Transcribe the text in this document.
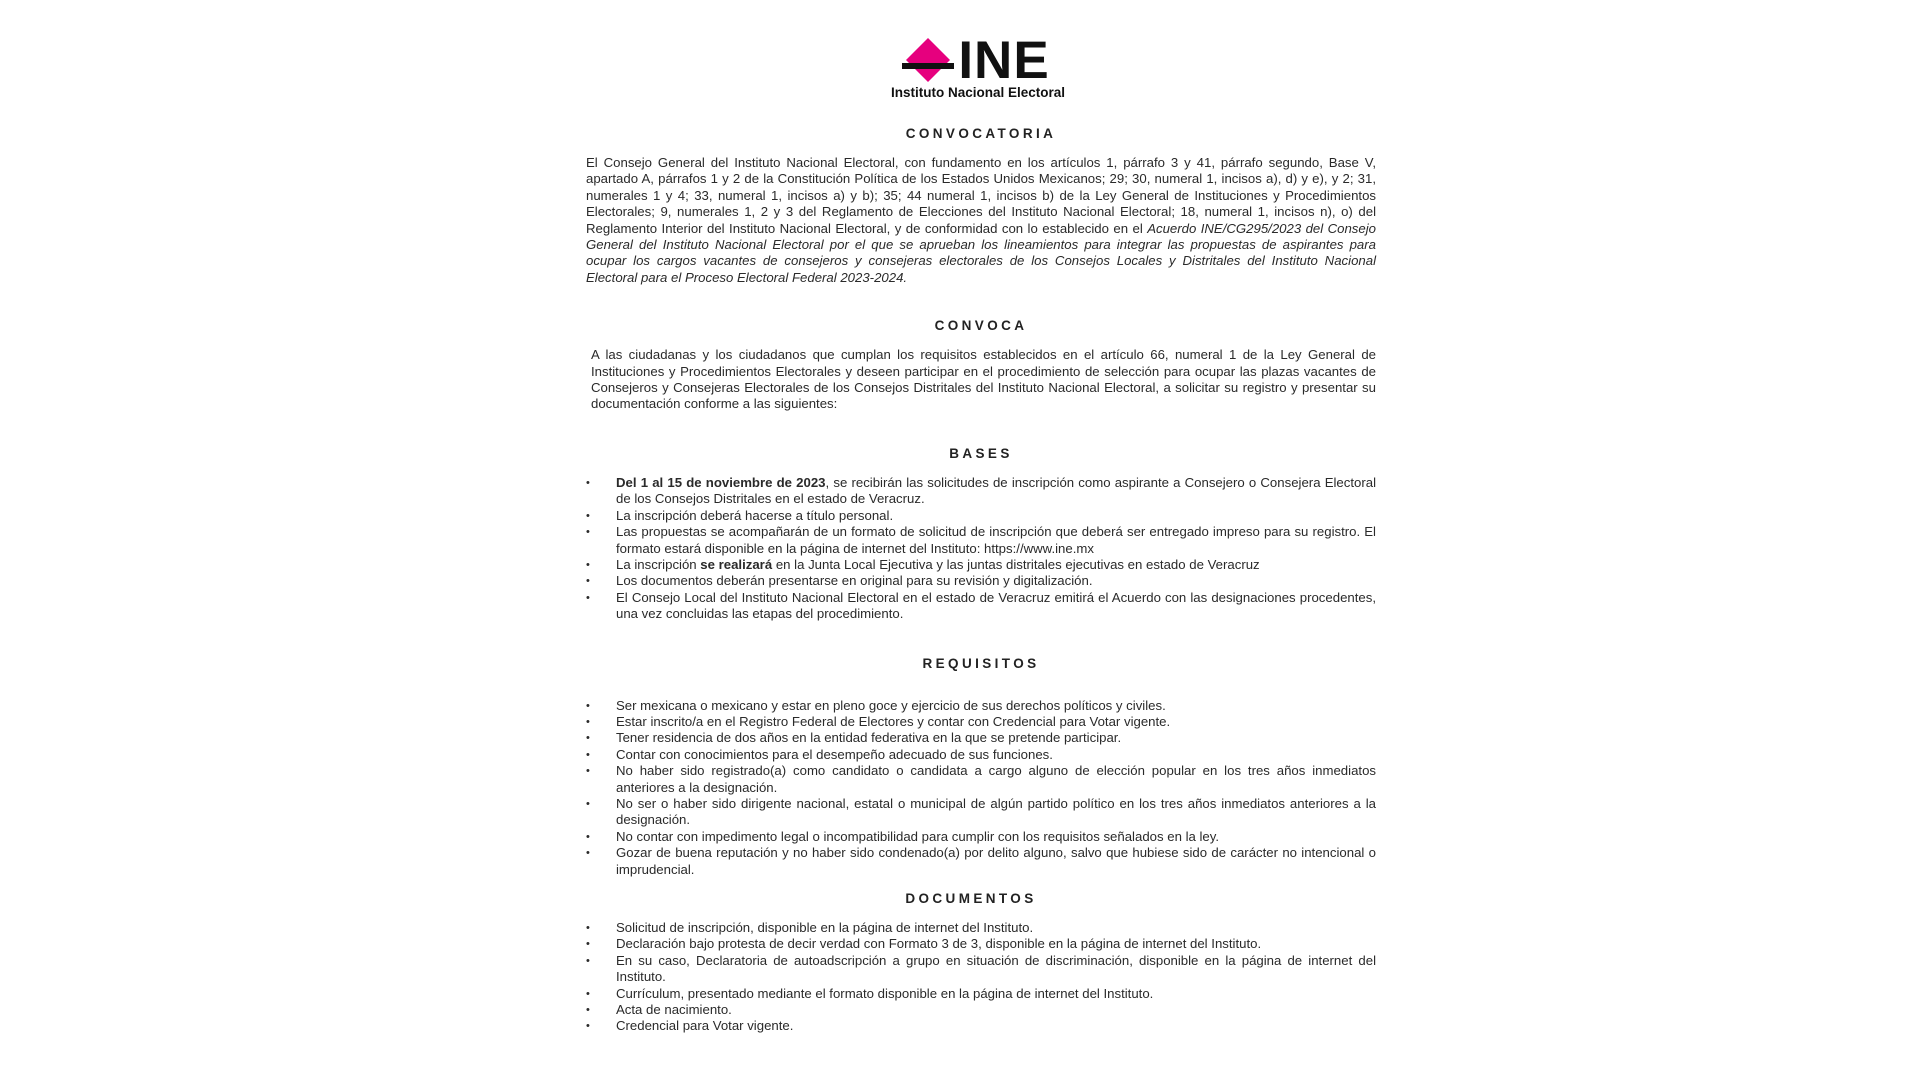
INE
Instituto Nacional Electoral
CONVOCATORIA

El Consejo General del Instituto Nacional Electoral, con fundamento en los artículos 1, párrafo 3 y 41, párrafo segundo, Base V, apartado A, párrafos 1 y 2 de la Constitución Política de los Estados Unidos Mexicanos; 29; 30, numeral 1, incisos a), d) y e), y 2; 31, numerales 1 y 4; 33, numeral 1, incisos a) y b); 35; 44 numeral 1, incisos b) de la Ley General de Instituciones y Procedimientos Electorales; 9, numerales 1, 2 y 3 del Reglamento de Elecciones del Instituto Nacional Electoral; 18, numeral 1, incisos n), o) del Reglamento Interior del Instituto Nacional Electoral, y de conformidad con lo establecido en el Acuerdo INE/CG295/2023 del Consejo General del Instituto Nacional Electoral por el que se aprueban los lineamientos para integrar las propuestas de aspirantes para ocupar los cargos vacantes de consejeros y consejeras electorales de los Consejos Locales y Distritales del Instituto Nacional Electoral para el Proceso Electoral Federal 2023-2024.

CONVOCA

A las ciudadanas y los ciudadanos que cumplan los requisitos establecidos en el artículo 66, numeral 1 de la Ley General de Instituciones y Procedimientos Electorales y deseen participar en el procedimiento de selección para ocupar las plazas vacantes de Consejeros y Consejeras Electorales de los Consejos Distritales del Instituto Nacional Electoral, a solicitar su registro y presentar su documentación conforme a las siguientes:

BASES
• Del 1 al 15 de noviembre de 2023, se recibirán las solicitudes de inscripción como aspirante a Consejero o Consejera Electoral de los Consejos Distritales en el estado de Veracruz.
• La inscripción deberá hacerse a título personal.
• Las propuestas se acompañarán de un formato de solicitud de inscripción que deberá ser entregado impreso para su registro. El formato estará disponible en la página de internet del Instituto: https://www.ine.mx
• La inscripción se realizará en la Junta Local Ejecutiva y las juntas distritales ejecutivas en estado de Veracruz
• Los documentos deberán presentarse en original para su revisión y digitalización.
• El Consejo Local del Instituto Nacional Electoral en el estado de Veracruz emitirá el Acuerdo con las designaciones procedentes, una vez concluidas las etapas del procedimiento.
REQUISITOS
• Ser mexicana o mexicano y estar en pleno goce y ejercicio de sus derechos políticos y civiles.
• Estar inscrito/a en el Registro Federal de Electores y contar con Credencial para Votar vigente.
• Tener residencia de dos años en la entidad federativa en la que se pretende participar.
• Contar con conocimientos para el desempeño adecuado de sus funciones.
• No haber sido registrado(a) como candidato o candidata a cargo alguno de elección popular en los tres años inmediatos anteriores a la designación.
• No ser o haber sido dirigente nacional, estatal o municipal de algún partido político en los tres años inmediatos anteriores a la designación.
• No contar con impedimento legal o incompatibilidad para cumplir con los requisitos señalados en la ley.
• Gozar de buena reputación y no haber sido condenado(a) por delito alguno, salvo que hubiese sido de carácter no intencional o imprudencial.
DOCUMENTOS
• Solicitud de inscripción, disponible en la página de internet del Instituto.
• Declaración bajo protesta de decir verdad con Formato 3 de 3, disponible en la página de internet del Instituto.
• En su caso, Declaratoria de autoadscripción a grupo en situación de discriminación, disponible en la página de internet del Instituto.
• Currículum, presentado mediante el formato disponible en la página de internet del Instituto.
• Acta de nacimiento.
• Credencial para Votar vigente.
